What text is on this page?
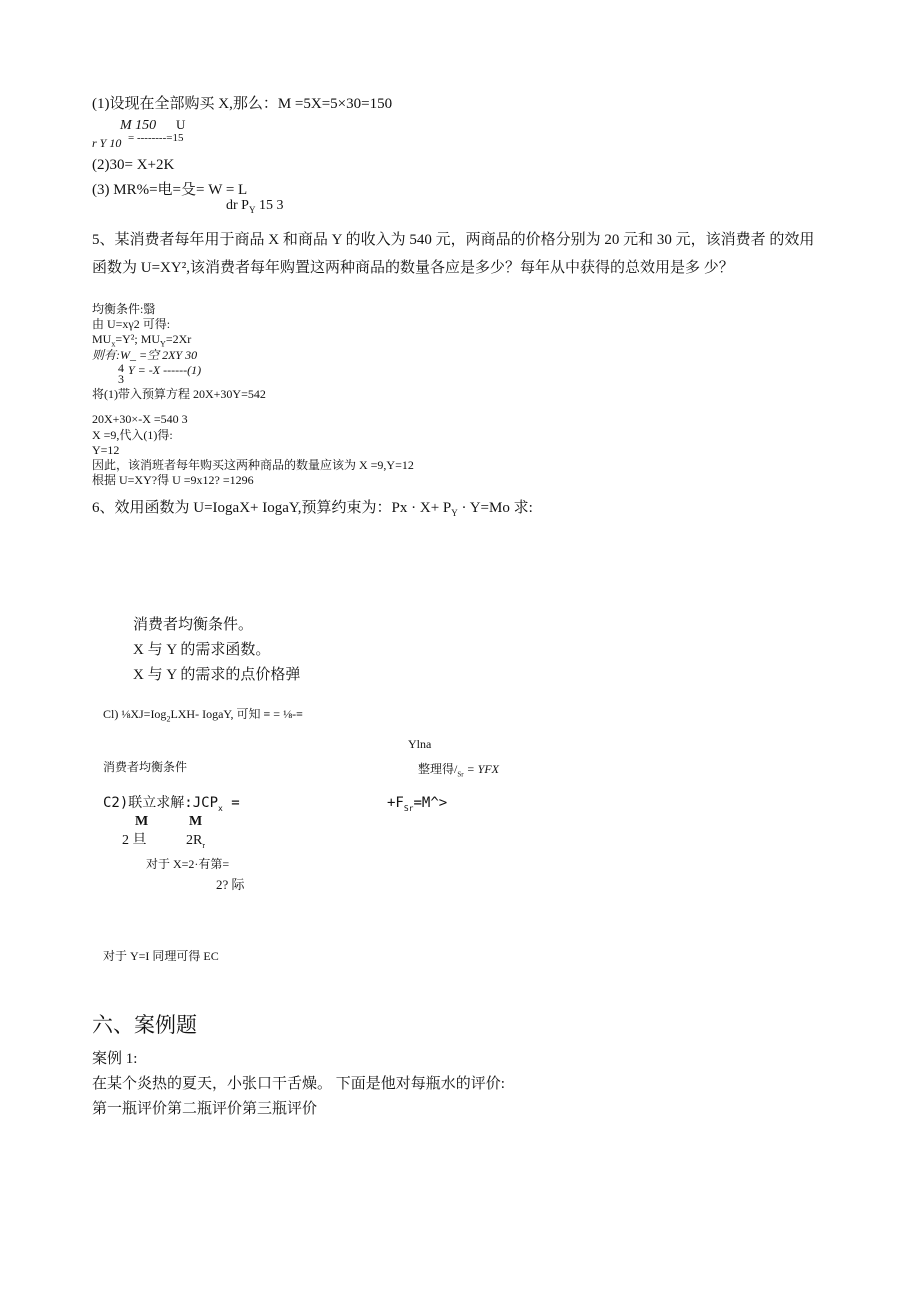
(1)设现在全部购买 X,那么：M =5X=5×30=150
M 150 U
r Y 10 = --------=15
(2)30= X+2K
(3) MR%=电=殳= W = L
dr $P_Y$ 15 3
5、某消费者每年用于商品 X 和商品 Y 的收入为 540 元，两商品的价格分别为 20 元和 30 元，该消费者 的效用函数为 U=XY²,该消费者每年购置这两种商品的数量各应是多少？每年从中获得的总效用是多 少？
均衡条件:翳
由 U=xγ2 可得:
$MU_x=Y^2$; $MU_Y=2Xr$
则有:W_ =空 2XY 30
4 Y = -X ------(1)
3
将(1)带入预算方程 20X+30Y=542
20X+30×-X =540 3
X =9,代入(1)得:
Y=12
因此，该消班者每年购买这两种商品的数量应该为 X =9,Y=12
根据 U=XY?得 U =9x12? =1296
6、效用函数为 U=IogaX+ IogaY,预算约束为：$Px \cdot X+ P_Y \cdot Y=Mo$ 求:
消费者均衡条件。
X 与 Y 的需求函数。
X 与 Y 的需求的点价格弹
Cl) ⅛XJ=Iog$_2$LXH- IogaY, 可知 ≡ = ⅛-≡
Ylna
消费者均衡条件	整理得$/_{Sr}$ = YFX
C2)联立求解$:JCP_x$ =	$+F_{Sr}=M\^{}>$
M	M
2 旦	$2R_r$
对于 X=2·有第=
2? 际
对于 Y=I 同理可得 EC
六、案例题
案例 1:
在某个炎热的夏天，小张口干舌燥。 下面是他对每瓶水的评价:
第一瓶评价第二瓶评价第三瓶评价
